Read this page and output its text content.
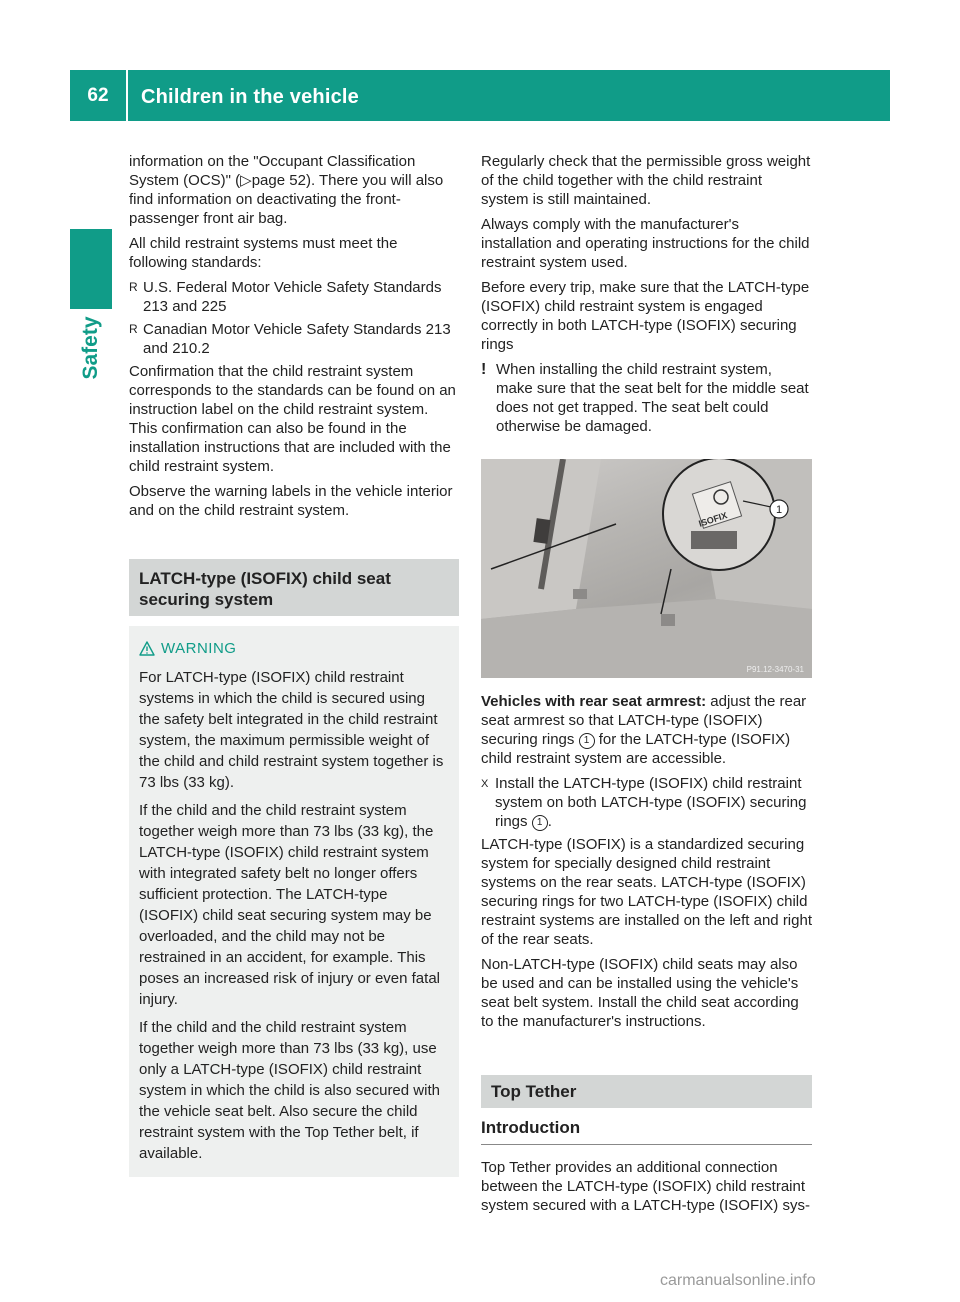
62	Children in the vehicle
Safety

information on the "Occupant Classification System (OCS)" (▷page 52). There you will also find information on deactivating the front-passenger front air bag.

All child restraint systems must meet the following standards:

R U.S. Federal Motor Vehicle Safety Standards 213 and 225
R Canadian Motor Vehicle Safety Standards 213 and 210.2

Confirmation that the child restraint system corresponds to the standards can be found on an instruction label on the child restraint system. This confirmation can also be found in the installation instructions that are included with the child restraint system.

Observe the warning labels in the vehicle interior and on the child restraint system.

LATCH-type (ISOFIX) child seat securing system
WARNING

For LATCH-type (ISOFIX) child restraint systems in which the child is secured using the safety belt integrated in the child restraint system, the maximum permissible weight of the child and child restraint system together is 73 lbs (33 kg).

If the child and the child restraint system together weigh more than 73 lbs (33 kg), the LATCH-type (ISOFIX) child restraint system with integrated safety belt no longer offers sufficient protection. The LATCH-type (ISOFIX) child seat securing system may be overloaded, and the child may not be restrained in an accident, for example. This poses an increased risk of injury or even fatal injury.

If the child and the child restraint system together weigh more than 73 lbs (33 kg), use only a LATCH-type (ISOFIX) child restraint system in which the child is also secured with the vehicle seat belt. Also secure the child restraint system with the Top Tether belt, if available.

Regularly check that the permissible gross weight of the child together with the child restraint system is still maintained.

Always comply with the manufacturer's installation and operating instructions for the child restraint system used.

Before every trip, make sure that the LATCH-type (ISOFIX) child restraint system is engaged correctly in both LATCH-type (ISOFIX) securing rings

! When installing the child restraint system, make sure that the seat belt for the middle seat does not get trapped. The seat belt could otherwise be damaged.
ISOFIX
1
P91.12-3470-31

Vehicles with rear seat armrest: adjust the rear seat armrest so that LATCH-type (ISOFIX) securing rings 1 for the LATCH-type (ISOFIX) child restraint system are accessible.

X Install the LATCH-type (ISOFIX) child restraint system on both LATCH-type (ISOFIX) securing rings 1 .

LATCH-type (ISOFIX) is a standardized securing system for specially designed child restraint systems on the rear seats. LATCH-type (ISOFIX) securing rings for two LATCH-type (ISOFIX) child restraint systems are installed on the left and right of the rear seats.

Non-LATCH-type (ISOFIX) child seats may also be used and can be installed using the vehicle's seat belt system. Install the child seat according to the manufacturer's instructions.

Top Tether
Introduction

Top Tether provides an additional connection between the LATCH-type (ISOFIX) child restraint system secured with a LATCH-type (ISOFIX) sys-

carmanualsonline.info
